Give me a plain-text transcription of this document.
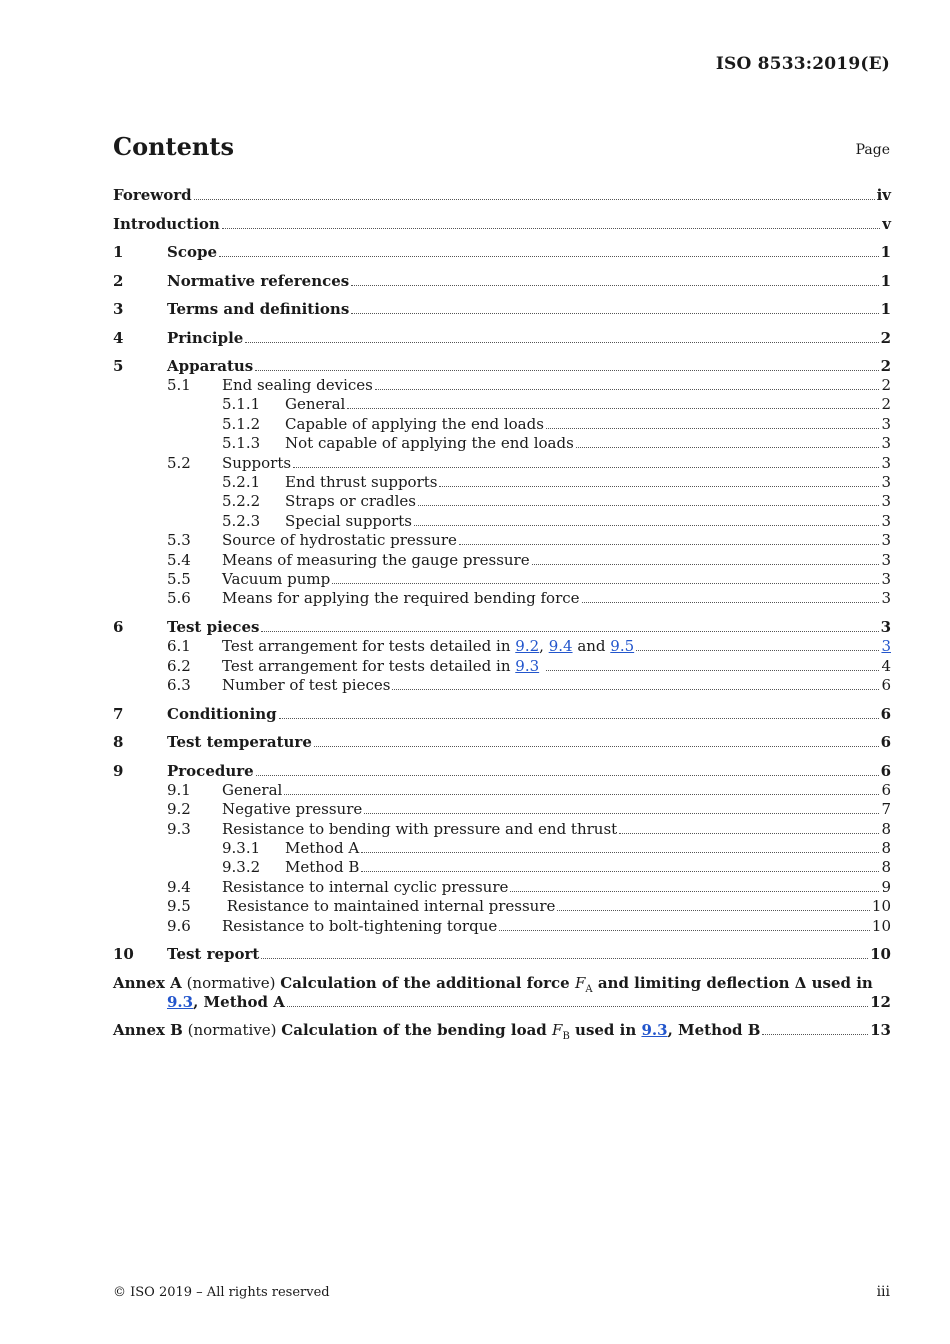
ISO 8533:2019(E)
Contents	Page
Foreword	iv
Introduction	v
1	Scope	1
2	Normative references	1
3	Terms and definitions	1
4	Principle	2
5	Apparatus	2
5.1	End sealing devices	2
5.1.1	General	2
5.1.2	Capable of applying the end loads	3
5.1.3	Not capable of applying the end loads	3
5.2	Supports	3
5.2.1	End thrust supports	3
5.2.2	Straps or cradles	3
5.2.3	Special supports	3
5.3	Source of hydrostatic pressure	3
5.4	Means of measuring the gauge pressure	3
5.5	Vacuum pump	3
5.6	Means for applying the required bending force	3
6	Test pieces	3
6.1	Test arrangement for tests detailed in 9.2, 9.4 and 9.5	3
6.2	Test arrangement for tests detailed in 9.3	4
6.3	Number of test pieces	6
7	Conditioning	6
8	Test temperature	6
9	Procedure	6
9.1	General	6
9.2	Negative pressure	7
9.3	Resistance to bending with pressure and end thrust	8
9.3.1	Method A	8
9.3.2	Method B	8
9.4	Resistance to internal cyclic pressure	9
9.5	Resistance to maintained internal pressure	10
9.6	Resistance to bolt-tightening torque	10
10	Test report	10
Annex A (normative) Calculation of the additional force $F_A$ and limiting deflection Δ used in
9.3, Method A	12
Annex B (normative) Calculation of the bending load $F_B$ used in 9.3, Method B	13
© ISO 2019 – All rights reserved	iii
